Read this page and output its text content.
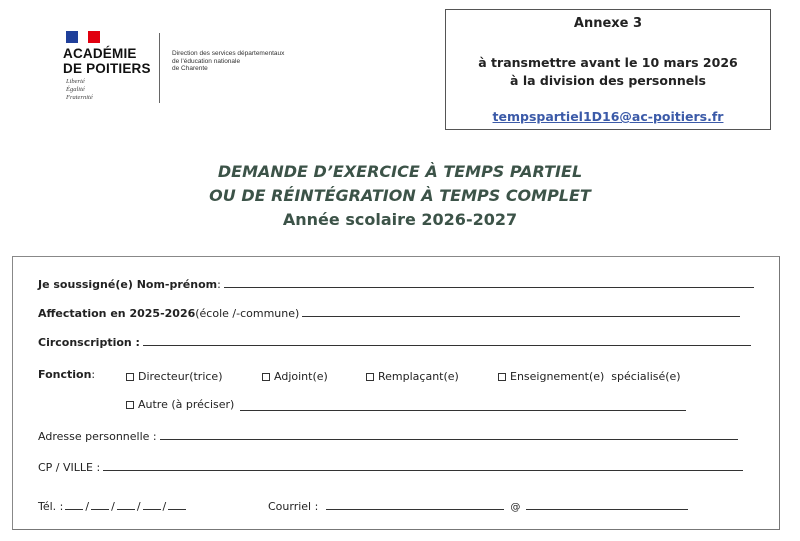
ACADÉMIE
DE POITIERS
Liberté
Égalité
Fraternité
Direction des services départementaux
de l'éducation nationale
de Charente
Annexe 3
à transmettre avant le 10 mars 2026
à la division des personnels
tempspartiel1D16@ac-poitiers.fr
DEMANDE D’EXERCICE À TEMPS PARTIEL
OU DE RÉINTÉGRATION À TEMPS COMPLET
Année scolaire 2026-2027
Je soussigné(e) Nom-prénom :
Affectation en 2025-2026 (école /-commune)
Circonscription :
Fonction :	Directeur(trice)	Adjoint(e)	Remplaçant(e)	Enseignement(e)  spécialisé(e)
Autre (à préciser)
Adresse personnelle :
CP / VILLE :
Tél. : / / / /	Courriel :	@
